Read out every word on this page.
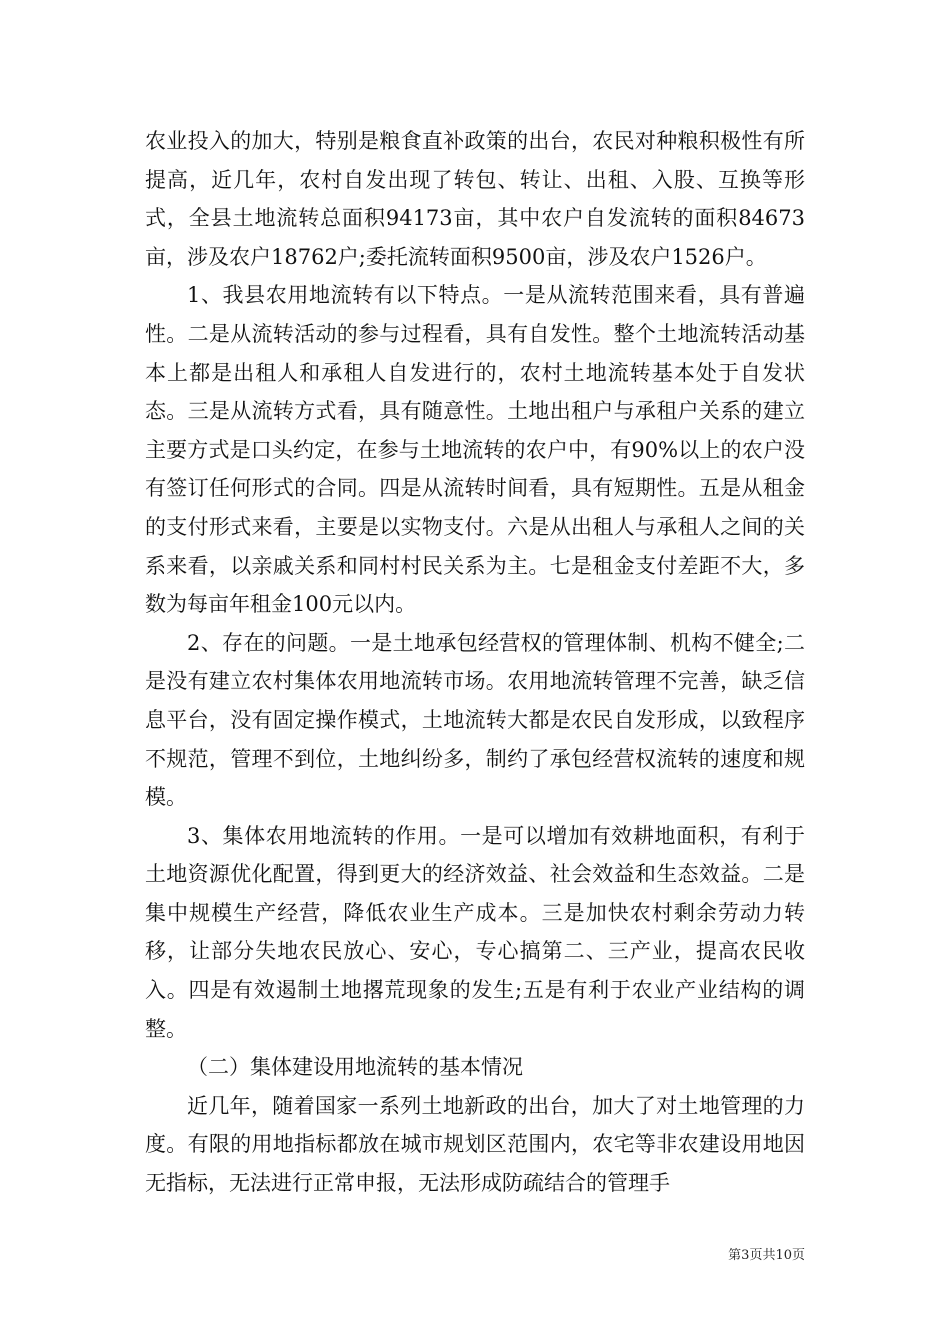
农业投入的加大，特别是粮食直补政策的出台，农民对种粮积极性有所提高，近几年，农村自发出现了转包、转让、出租、入股、互换等形式，全县土地流转总面积94173亩，其中农户自发流转的面积84673亩，涉及农户18762户;委托流转面积9500亩，涉及农户1526户。

1、我县农用地流转有以下特点。一是从流转范围来看，具有普遍性。二是从流转活动的参与过程看，具有自发性。整个土地流转活动基本上都是出租人和承租人自发进行的，农村土地流转基本处于自发状态。三是从流转方式看，具有随意性。土地出租户与承租户关系的建立主要方式是口头约定，在参与土地流转的农户中，有90%以上的农户没有签订任何形式的合同。四是从流转时间看，具有短期性。五是从租金的支付形式来看，主要是以实物支付。六是从出租人与承租人之间的关系来看，以亲戚关系和同村村民关系为主。七是租金支付差距不大，多数为每亩年租金100元以内。

2、存在的问题。一是土地承包经营权的管理体制、机构不健全;二是没有建立农村集体农用地流转市场。农用地流转管理不完善，缺乏信息平台，没有固定操作模式，土地流转大都是农民自发形成，以致程序不规范，管理不到位，土地纠纷多，制约了承包经营权流转的速度和规模。

3、集体农用地流转的作用。一是可以增加有效耕地面积，有利于土地资源优化配置，得到更大的经济效益、社会效益和生态效益。二是集中规模生产经营，降低农业生产成本。三是加快农村剩余劳动力转移，让部分失地农民放心、安心，专心搞第二、三产业，提高农民收入。四是有效遏制土地撂荒现象的发生;五是有利于农业产业结构的调整。

（二）集体建设用地流转的基本情况

近几年，随着国家一系列土地新政的出台，加大了对土地管理的力度。有限的用地指标都放在城市规划区范围内，农宅等非农建设用地因无指标，无法进行正常申报，无法形成防疏结合的管理手

第3页共10页
